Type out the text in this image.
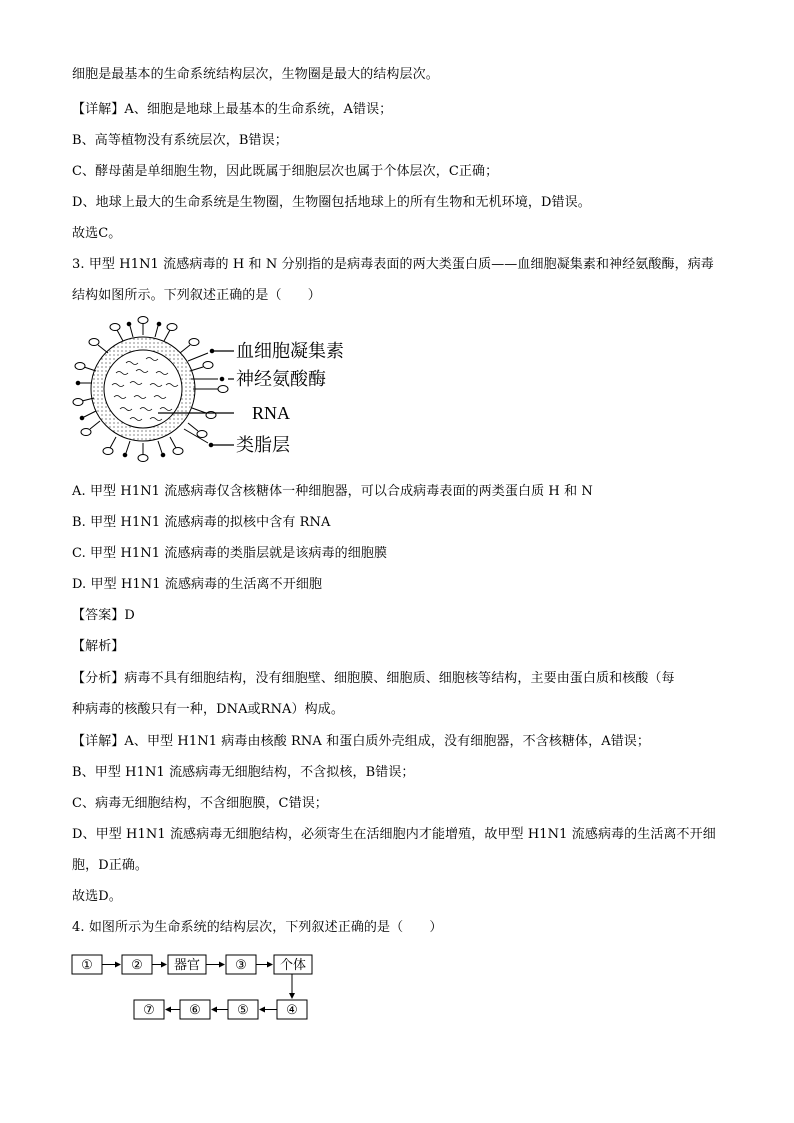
细胞是最基本的生命系统结构层次，生物圈是最大的结构层次。
【详解】A、细胞是地球上最基本的生命系统，A错误；
B、高等植物没有系统层次，B错误；
C、酵母菌是单细胞生物，因此既属于细胞层次也属于个体层次，C正确；
D、地球上最大的生命系统是生物圈，生物圈包括地球上的所有生物和无机环境，D错误。
故选C。
3. 甲型 H1N1 流感病毒的 H 和 N 分别指的是病毒表面的两大类蛋白质——血细胞凝集素和神经氨酸酶，病毒
结构如图所示。下列叙述正确的是（　　）
血细胞凝集素
神经氨酸酶
RNA
类脂层
A. 甲型 H1N1 流感病毒仅含核糖体一种细胞器，可以合成病毒表面的两类蛋白质 H 和 N
B. 甲型 H1N1 流感病毒的拟核中含有 RNA
C. 甲型 H1N1 流感病毒的类脂层就是该病毒的细胞膜
D. 甲型 H1N1 流感病毒的生活离不开细胞
【答案】D
【解析】
【分析】病毒不具有细胞结构，没有细胞壁、细胞膜、细胞质、细胞核等结构，主要由蛋白质和核酸（每
种病毒的核酸只有一种，DNA或RNA）构成。
【详解】A、甲型 H1N1 病毒由核酸 RNA 和蛋白质外壳组成，没有细胞器，不含核糖体，A错误；
B、甲型 H1N1 流感病毒无细胞结构，不含拟核，B错误；
C、病毒无细胞结构，不含细胞膜，C错误；
D、甲型 H1N1 流感病毒无细胞结构，必须寄生在活细胞内才能增殖，故甲型 H1N1 流感病毒的生活离不开细
胞，D正确。
故选D。
4. 如图所示为生命系统的结构层次，下列叙述正确的是（　　）
①	② 器官	③	个体
⑦	⑥	⑤	④
